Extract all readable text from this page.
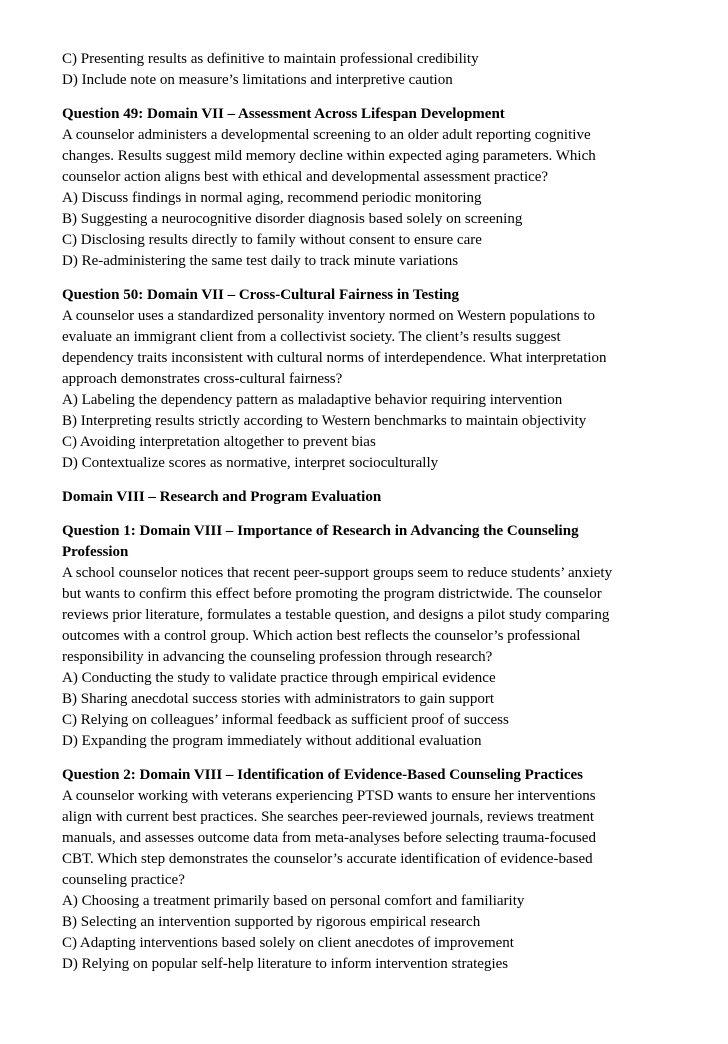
C) Presenting results as definitive to maintain professional credibility
D) Include note on measure’s limitations and interpretive caution
Question 49: Domain VII – Assessment Across Lifespan Development
A counselor administers a developmental screening to an older adult reporting cognitive
changes. Results suggest mild memory decline within expected aging parameters. Which
counselor action aligns best with ethical and developmental assessment practice?
A) Discuss findings in normal aging, recommend periodic monitoring
B) Suggesting a neurocognitive disorder diagnosis based solely on screening
C) Disclosing results directly to family without consent to ensure care
D) Re-administering the same test daily to track minute variations
Question 50: Domain VII – Cross-Cultural Fairness in Testing
A counselor uses a standardized personality inventory normed on Western populations to
evaluate an immigrant client from a collectivist society. The client’s results suggest
dependency traits inconsistent with cultural norms of interdependence. What interpretation
approach demonstrates cross-cultural fairness?
A) Labeling the dependency pattern as maladaptive behavior requiring intervention
B) Interpreting results strictly according to Western benchmarks to maintain objectivity
C) Avoiding interpretation altogether to prevent bias
D) Contextualize scores as normative, interpret socioculturally
Domain VIII – Research and Program Evaluation
Question 1: Domain VIII – Importance of Research in Advancing the Counseling
Profession
A school counselor notices that recent peer-support groups seem to reduce students’ anxiety
but wants to confirm this effect before promoting the program districtwide. The counselor
reviews prior literature, formulates a testable question, and designs a pilot study comparing
outcomes with a control group. Which action best reflects the counselor’s professional
responsibility in advancing the counseling profession through research?
A) Conducting the study to validate practice through empirical evidence
B) Sharing anecdotal success stories with administrators to gain support
C) Relying on colleagues’ informal feedback as sufficient proof of success
D) Expanding the program immediately without additional evaluation
Question 2: Domain VIII – Identification of Evidence-Based Counseling Practices
A counselor working with veterans experiencing PTSD wants to ensure her interventions
align with current best practices. She searches peer-reviewed journals, reviews treatment
manuals, and assesses outcome data from meta-analyses before selecting trauma-focused
CBT. Which step demonstrates the counselor’s accurate identification of evidence-based
counseling practice?
A) Choosing a treatment primarily based on personal comfort and familiarity
B) Selecting an intervention supported by rigorous empirical research
C) Adapting interventions based solely on client anecdotes of improvement
D) Relying on popular self-help literature to inform intervention strategies
